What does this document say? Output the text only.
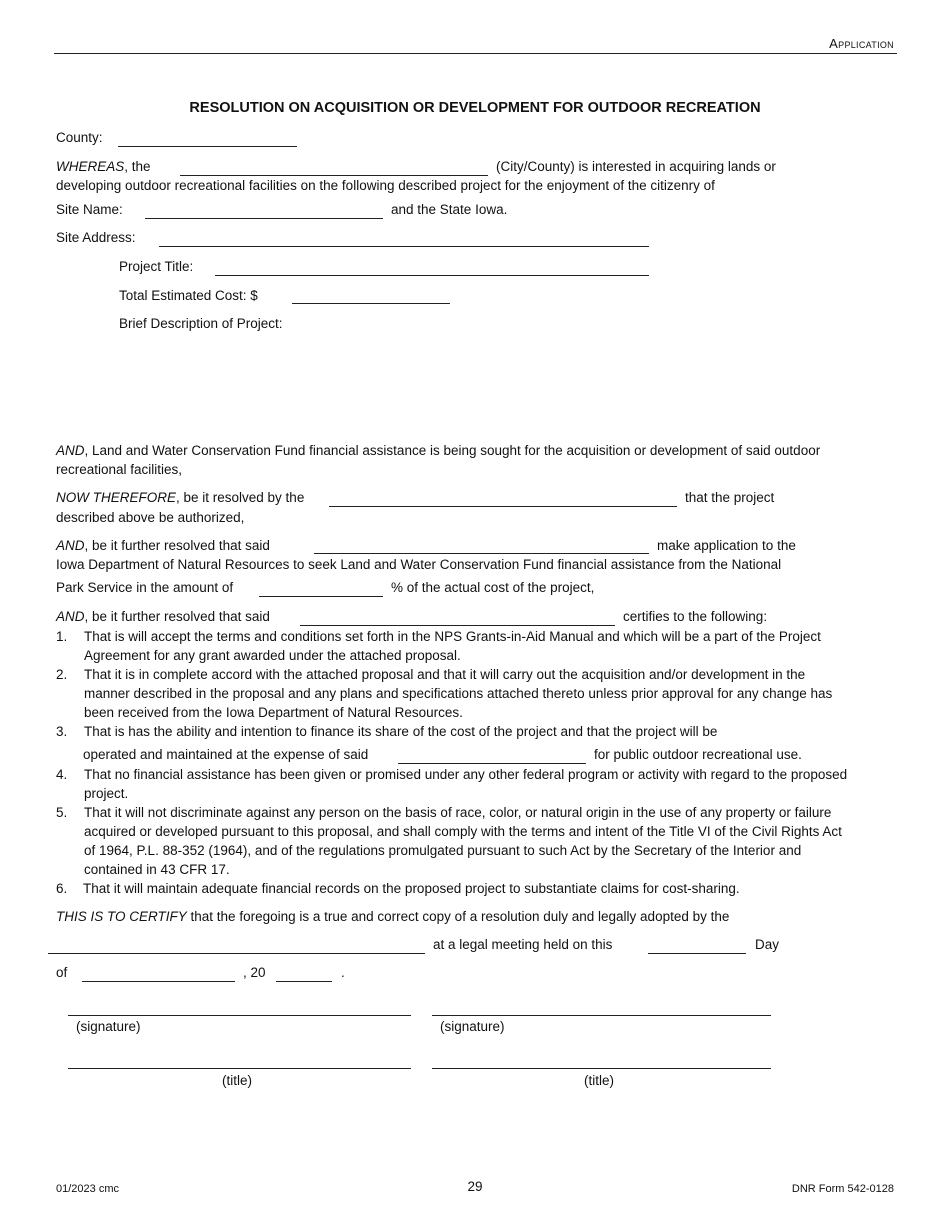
Application
RESOLUTION ON ACQUISITION OR DEVELOPMENT FOR OUTDOOR RECREATION
County:
WHEREAS, the	(City/County) is interested in acquiring lands or
developing outdoor recreational facilities on the following described project for the enjoyment of the citizenry of
Site Name:	and the State Iowa.
Site Address:
Project Title:
Total Estimated Cost: $
Brief Description of Project:
AND, Land and Water Conservation Fund financial assistance is being sought for the acquisition or development of said outdoor
recreational facilities,
NOW THEREFORE, be it resolved by the	that the project
described above be authorized,
AND, be it further resolved that said	make application to the
Iowa Department of Natural Resources to seek Land and Water Conservation Fund financial assistance from the National
Park Service in the amount of	% of the actual cost of the project,
AND, be it further resolved that said	certifies to the following:
1. That is will accept the terms and conditions set forth in the NPS Grants-in-Aid Manual and which will be a part of the Project
Agreement for any grant awarded under the attached proposal.
2. That it is in complete accord with the attached proposal and that it will carry out the acquisition and/or development in the
manner described in the proposal and any plans and specifications attached thereto unless prior approval for any change has
been received from the Iowa Department of Natural Resources.
3. That is has the ability and intention to finance its share of the cost of the project and that the project will be
operated and maintained at the expense of said	for public outdoor recreational use.
4. That no financial assistance has been given or promised under any other federal program or activity with regard to the proposed
project.
5. That it will not discriminate against any person on the basis of race, color, or natural origin in the use of any property or failure
acquired or developed pursuant to this proposal, and shall comply with the terms and intent of the Title VI of the Civil Rights Act
of 1964, P.L. 88-352 (1964), and of the regulations promulgated pursuant to such Act by the Secretary of the Interior and
contained in 43 CFR 17.
6. That it will maintain adequate financial records on the proposed project to substantiate claims for cost-sharing.
THIS IS TO CERTIFY that the foregoing is a true and correct copy of a resolution duly and legally adopted by the
at a legal meeting held on this	Day
of	, 20	.
(signature)	(signature)
(title)	(title)
01/2023 cmc	29	DNR Form 542-0128
